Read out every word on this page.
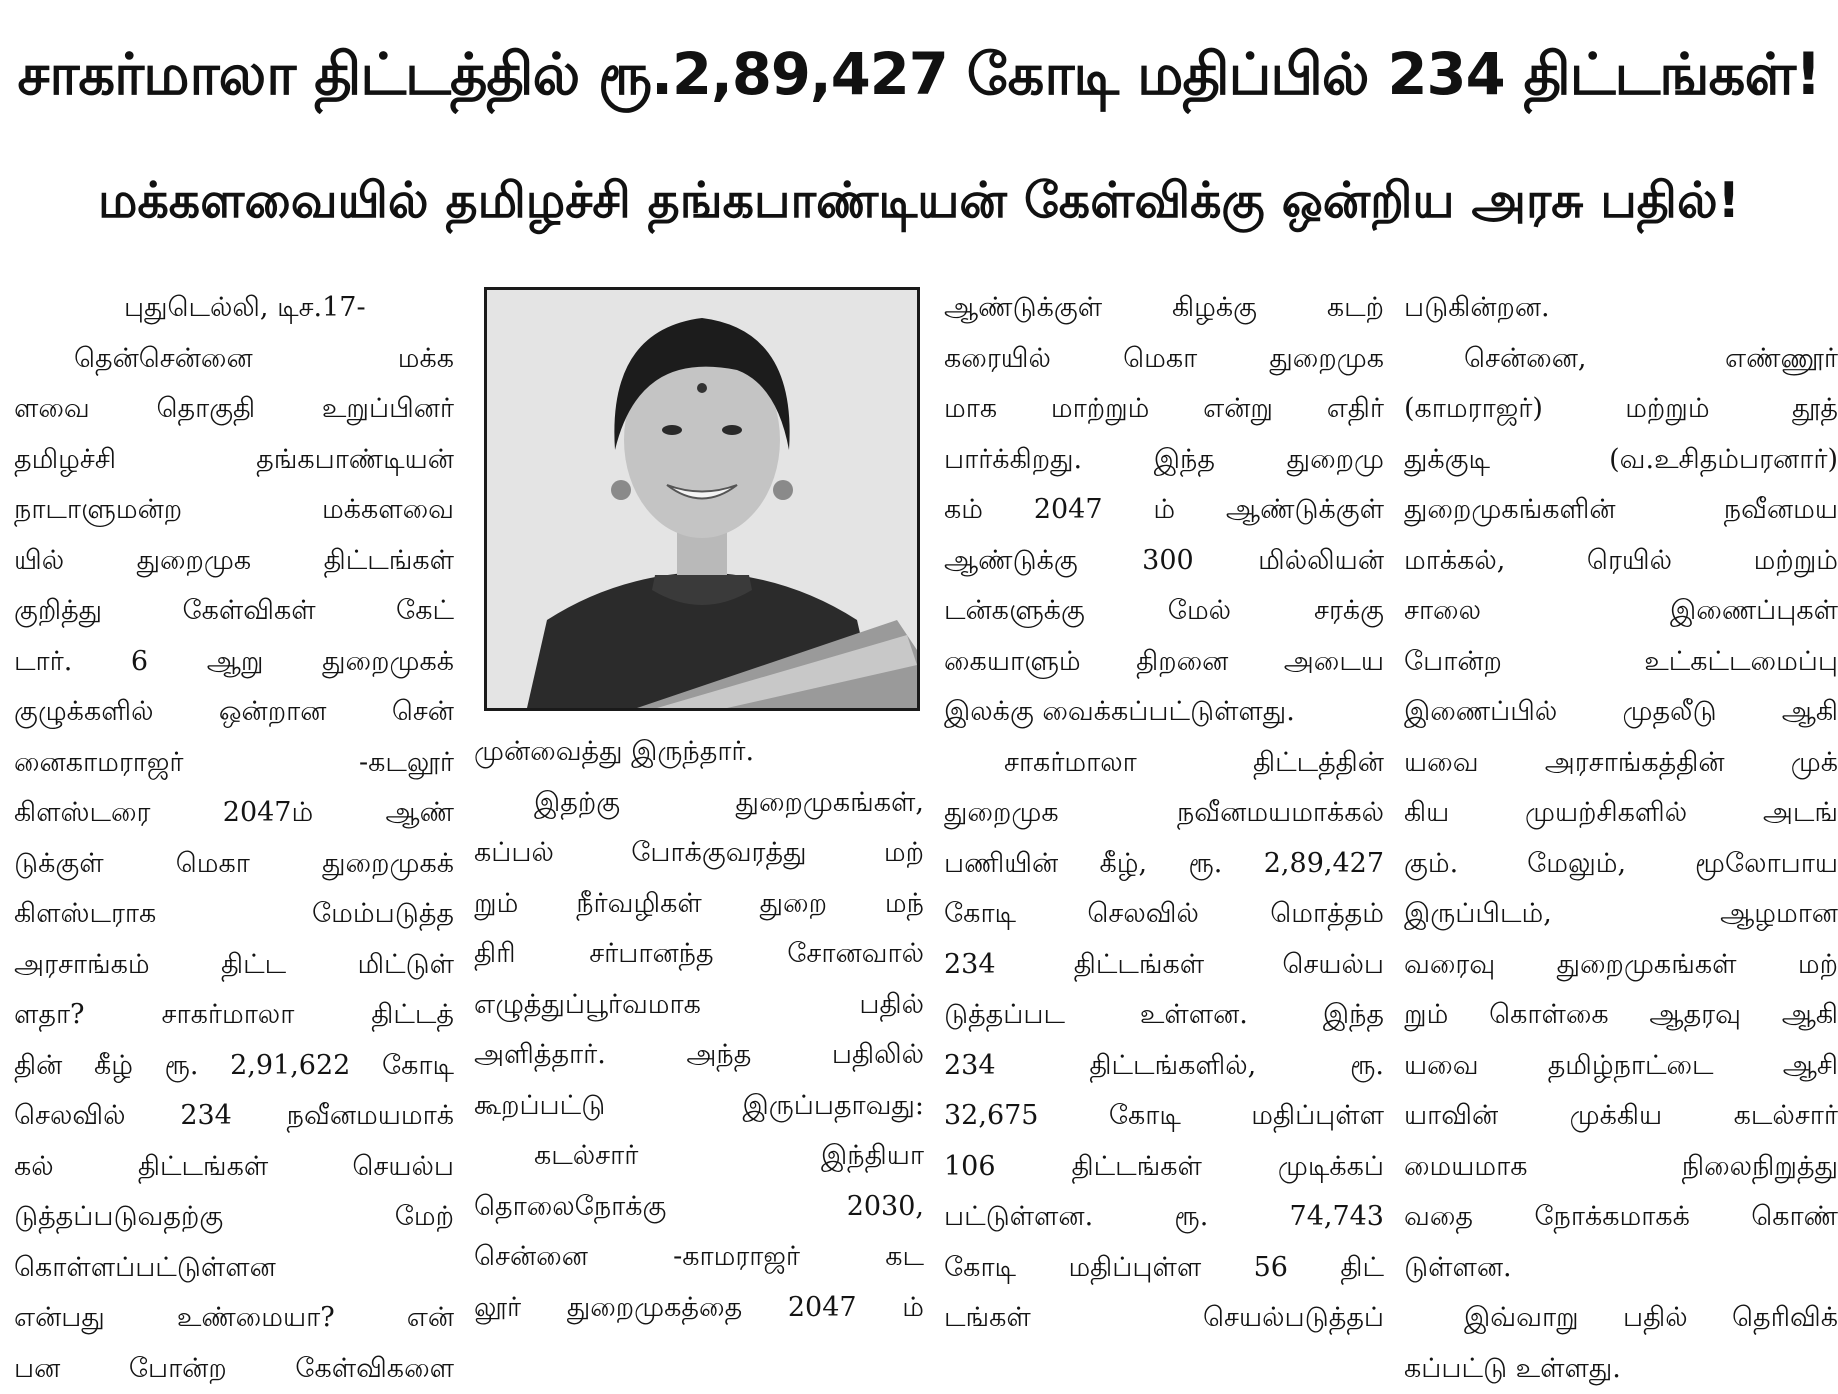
சாகர்மாலா திட்டத்தில் ரூ.2,89,427 கோடி மதிப்பில் 234 திட்டங்கள்!
மக்களவையில் தமிழச்சி தங்கபாண்டியன் கேள்விக்கு ஒன்றிய அரசு பதில்!
புதுடெல்லி, டிச.17-
தென்சென்னை மக்க
ளவை தொகுதி உறுப்பினர்
தமிழச்சி தங்கபாண்டியன்
நாடாளுமன்ற மக்களவை
யில் துறைமுக திட்டங்கள்
குறித்து கேள்விகள் கேட்
டார். 6 ஆறு துறைமுகக்
குழுக்களில் ஒன்றான சென்
னைகாமராஜர் -கடலூர்
கிளஸ்டரை 2047ம் ஆண்
டுக்குள் மெகா துறைமுகக்
கிளஸ்டராக மேம்படுத்த
அரசாங்கம் திட்ட மிட்டுள்
ளதா? சாகர்மாலா திட்டத்
தின் கீழ் ரூ. 2,91,622 கோடி
செலவில் 234 நவீனமயமாக்
கல் திட்டங்கள் செயல்ப
டுத்தப்படுவதற்கு மேற்
கொள்ளப்பட்டுள்ளன
என்பது உண்மையா? என்
பன போன்ற கேள்விகளை
முன்வைத்து இருந்தார்.
இதற்கு துறைமுகங்கள்,
கப்பல் போக்குவரத்து மற்
றும் நீர்வழிகள் துறை மந்
திரி சர்பானந்த சோனவால்
எழுத்துப்பூர்வமாக பதில்
அளித்தார். அந்த பதிலில்
கூறப்பட்டு இருப்பதாவது:
கடல்சார் இந்தியா
தொலைநோக்கு 2030,
சென்னை -காமராஜர் கட
லூர் துறைமுகத்தை 2047 ம்
ஆண்டுக்குள் கிழக்கு கடற்
கரையில் மெகா துறைமுக
மாக மாற்றும் என்று எதிர்
பார்க்கிறது. இந்த துறைமு
கம் 2047 ம் ஆண்டுக்குள்
ஆண்டுக்கு 300 மில்லியன்
டன்களுக்கு மேல் சரக்கு
கையாளும் திறனை அடைய
இலக்கு வைக்கப்பட்டுள்ளது.
சாகர்மாலா திட்டத்தின்
துறைமுக நவீனமயமாக்கல்
பணியின் கீழ், ரூ. 2,89,427
கோடி செலவில் மொத்தம்
234 திட்டங்கள் செயல்ப
டுத்தப்பட உள்ளன. இந்த
234 திட்டங்களில், ரூ.
32,675 கோடி மதிப்புள்ள
106 திட்டங்கள் முடிக்கப்
பட்டுள்ளன. ரூ. 74,743
கோடி மதிப்புள்ள 56 திட்
டங்கள் செயல்படுத்தப்
படுகின்றன.
சென்னை, எண்ணூர்
(காமராஜர்) மற்றும் தூத்
துக்குடி (வ.உசிதம்பரனார்)
துறைமுகங்களின் நவீனமய
மாக்கல், ரெயில் மற்றும்
சாலை இணைப்புகள்
போன்ற உட்கட்டமைப்பு
இணைப்பில் முதலீடு ஆகி
யவை அரசாங்கத்தின் முக்
கிய முயற்சிகளில் அடங்
கும். மேலும், மூலோபாய
இருப்பிடம், ஆழமான
வரைவு துறைமுகங்கள் மற்
றும் கொள்கை ஆதரவு ஆகி
யவை தமிழ்நாட்டை ஆசி
யாவின் முக்கிய கடல்சார்
மையமாக நிலைநிறுத்து
வதை நோக்கமாகக் கொண்
டுள்ளன.
இவ்வாறு பதில் தெரிவிக்
கப்பட்டு உள்ளது.
